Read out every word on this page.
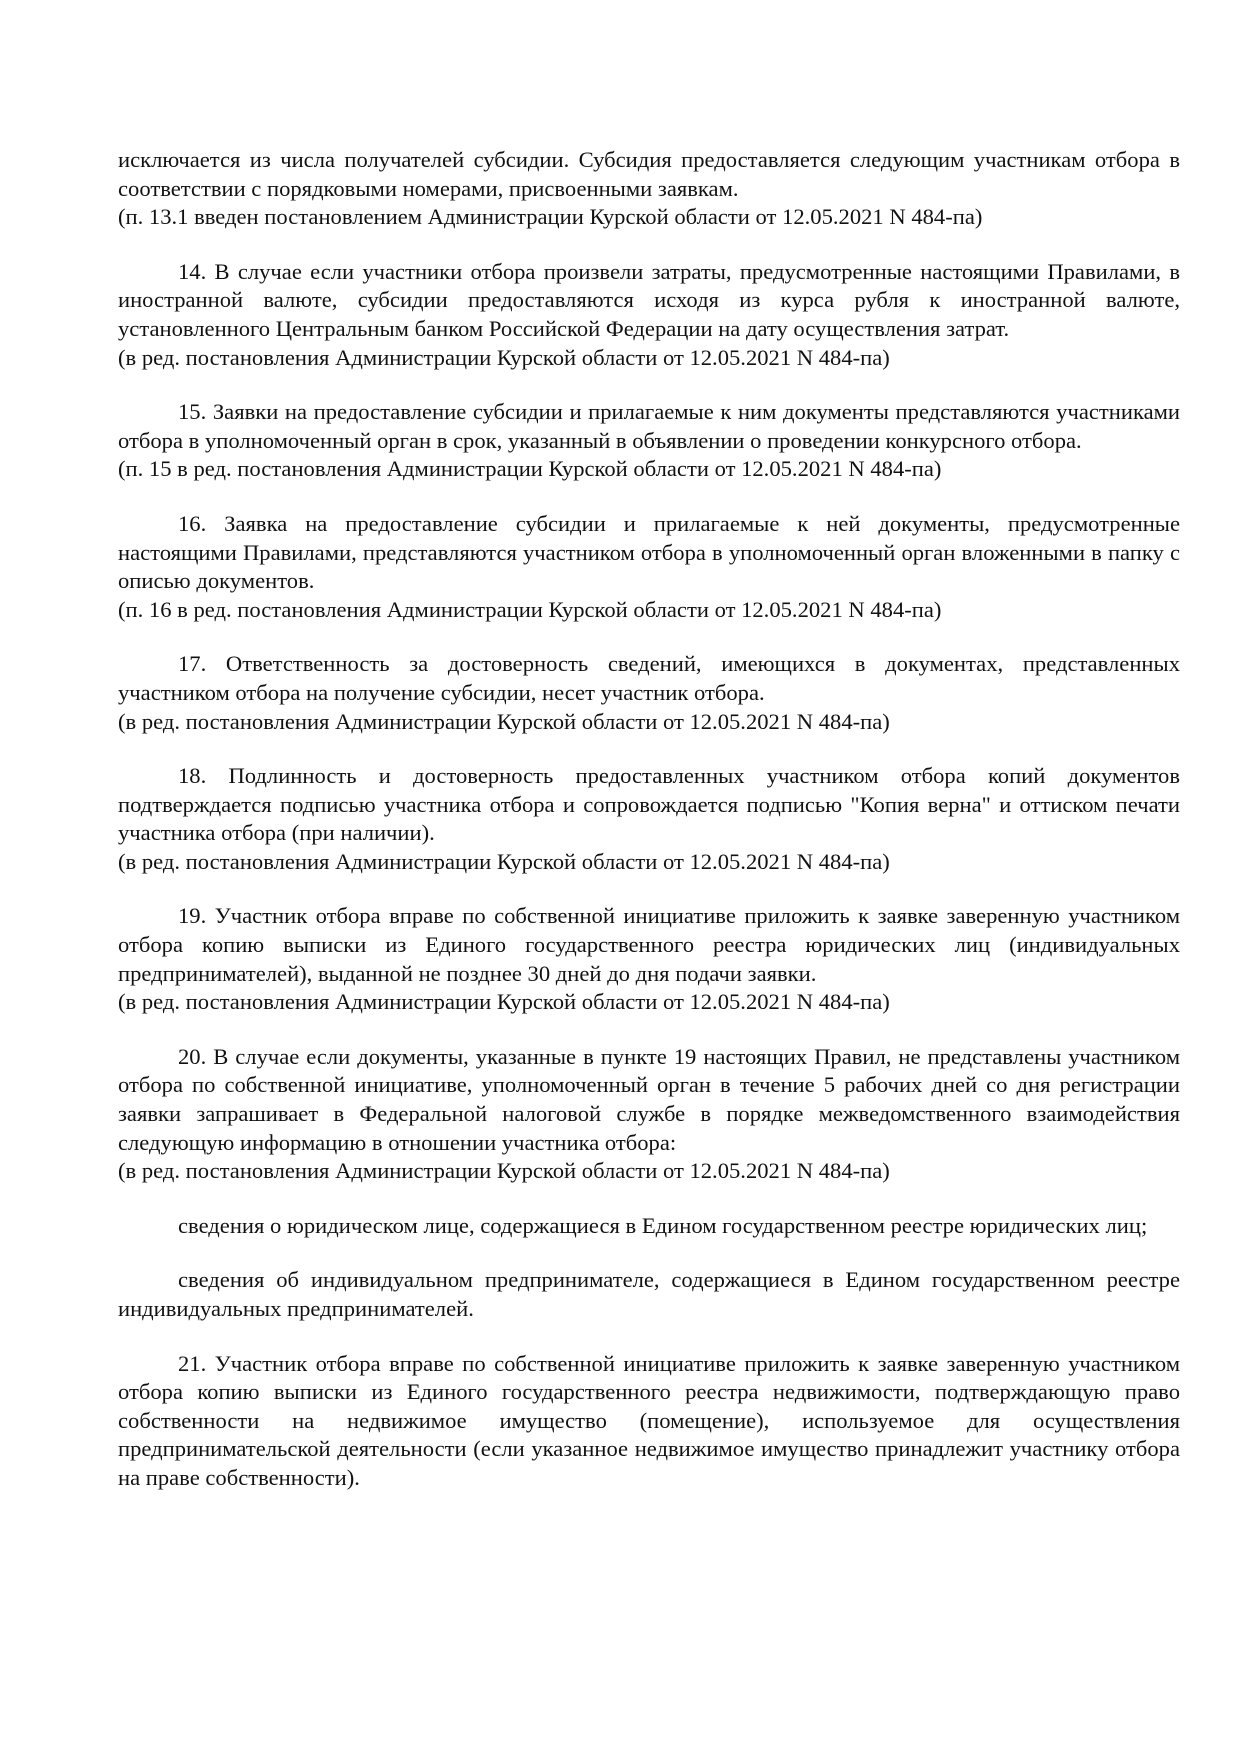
исключается из числа получателей субсидии. Субсидия предоставляется следующим участникам отбора в соответствии с порядковыми номерами, присвоенными заявкам.

(п. 13.1 введен постановлением Администрации Курской области от 12.05.2021 N 484-па)

14. В случае если участники отбора произвели затраты, предусмотренные настоящими Правилами, в иностранной валюте, субсидии предоставляются исходя из курса рубля к иностранной валюте, установленного Центральным банком Российской Федерации на дату осуществления затрат.

(в ред. постановления Администрации Курской области от 12.05.2021 N 484-па)

15. Заявки на предоставление субсидии и прилагаемые к ним документы представляются участниками отбора в уполномоченный орган в срок, указанный в объявлении о проведении конкурсного отбора.

(п. 15 в ред. постановления Администрации Курской области от 12.05.2021 N 484-па)

16. Заявка на предоставление субсидии и прилагаемые к ней документы, предусмотренные настоящими Правилами, представляются участником отбора в уполномоченный орган вложенными в папку с описью документов.

(п. 16 в ред. постановления Администрации Курской области от 12.05.2021 N 484-па)

17. Ответственность за достоверность сведений, имеющихся в документах, представленных участником отбора на получение субсидии, несет участник отбора.

(в ред. постановления Администрации Курской области от 12.05.2021 N 484-па)

18. Подлинность и достоверность предоставленных участником отбора копий документов подтверждается подписью участника отбора и сопровождается подписью "Копия верна" и оттиском печати участника отбора (при наличии).

(в ред. постановления Администрации Курской области от 12.05.2021 N 484-па)

19. Участник отбора вправе по собственной инициативе приложить к заявке заверенную участником отбора копию выписки из Единого государственного реестра юридических лиц (индивидуальных предпринимателей), выданной не позднее 30 дней до дня подачи заявки.

(в ред. постановления Администрации Курской области от 12.05.2021 N 484-па)

20. В случае если документы, указанные в пункте 19 настоящих Правил, не представлены участником отбора по собственной инициативе, уполномоченный орган в течение 5 рабочих дней со дня регистрации заявки запрашивает в Федеральной налоговой службе в порядке межведомственного взаимодействия следующую информацию в отношении участника отбора:

(в ред. постановления Администрации Курской области от 12.05.2021 N 484-па)

сведения о юридическом лице, содержащиеся в Едином государственном реестре юридических лиц;

сведения об индивидуальном предпринимателе, содержащиеся в Едином государственном реестре индивидуальных предпринимателей.

21. Участник отбора вправе по собственной инициативе приложить к заявке заверенную участником отбора копию выписки из Единого государственного реестра недвижимости, подтверждающую право собственности на недвижимое имущество (помещение), используемое для осуществления предпринимательской деятельности (если указанное недвижимое имущество принадлежит участнику отбора на праве собственности).
